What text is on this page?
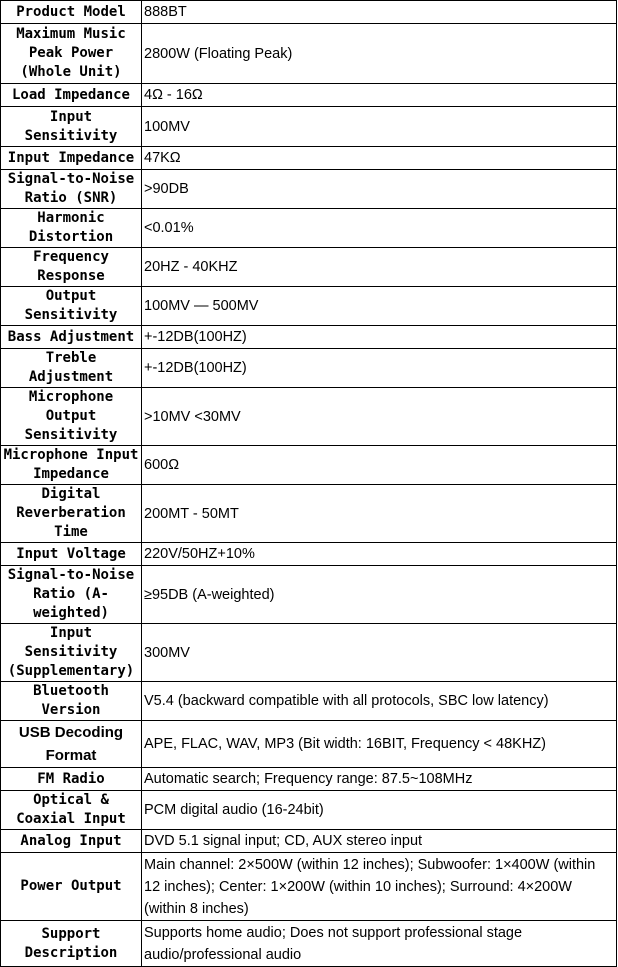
Product Model	888BT
Maximum Music Peak Power (Whole Unit)	2800W (Floating Peak)
Load Impedance	4Ω - 16Ω
Input Sensitivity	100MV
Input Impedance	47KΩ
Signal-to-Noise Ratio (SNR)	>90DB
Harmonic Distortion	<0.01%
Frequency Response	20HZ - 40KHZ
Output Sensitivity	100MV — 500MV
Bass Adjustment	+-12DB(100HZ)
Treble Adjustment	+-12DB(100HZ)
Microphone Output Sensitivity	>10MV <30MV
Microphone Input Impedance	600Ω
Digital Reverberation Time	200MT - 50MT
Input Voltage	220V/50HZ+10%
Signal-to-Noise Ratio (A-weighted)	≥95DB (A-weighted)
Input Sensitivity (Supplementary)	300MV
Bluetooth Version	V5.4 (backward compatible with all protocols, SBC low latency)
USB Decoding Format	APE, FLAC, WAV, MP3 (Bit width: 16BIT, Frequency < 48KHZ)
FM Radio	Automatic search; Frequency range: 87.5~108MHz
Optical & Coaxial Input	PCM digital audio (16-24bit)
Analog Input	DVD 5.1 signal input; CD, AUX stereo input
Power Output	Main channel: 2×500W (within 12 inches); Subwoofer: 1×400W (within 12 inches); Center: 1×200W (within 10 inches); Surround: 4×200W (within 8 inches)
Support Description	Supports home audio; Does not support professional stage audio/professional audio
